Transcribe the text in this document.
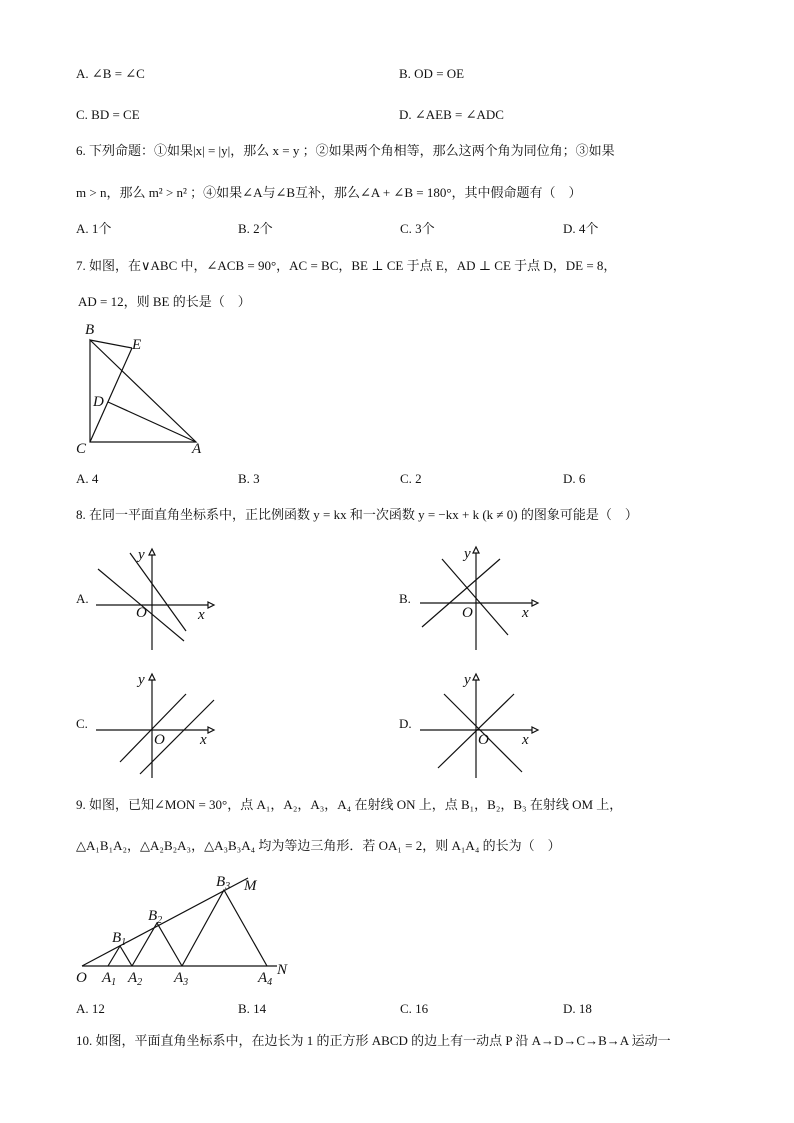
A. ∠B = ∠C	B. OD = OE
C. BD = CE	D. ∠AEB = ∠ADC
6. 下列命题：①如果|x| = |y|，那么 x = y ；②如果两个角相等，那么这两个角为同位角；③如果
m > n，那么 m² > n² ；④如果∠A与∠B互补，那么∠A + ∠B = 180°，其中假命题有（　）
A. 1个	B. 2个	C. 3个	D. 4个
7. 如图，在∨ABC 中，∠ACB = 90°，AC = BC，BE ⊥ CE 于点 E，AD ⊥ CE 于点 D，DE = 8，
AD = 12，则 BE 的长是（　）
B
E
D
C	A
A. 4	B. 3	C. 2	D. 6
8. 在同一平面直角坐标系中，正比例函数 y = kx 和一次函数 y = −kx + k (k ≠ 0) 的图象可能是（　）
A.
y
x
O
B.
y
x
O
C.
y
x
O
D.
y
x
O
9. 如图，已知∠MON = 30°，点 A₁，A₂，A₃，A₄ 在射线 ON 上，点 B₁，B₂，B₃ 在射线 OM 上，
△A₁B₁A₂，△A₂B₂A₃，△A₃B₃A₄ 均为等边三角形．若 OA₁ = 2，则 A₁A₄ 的长为（　）
O	N
M
$B_1$
$B_2$
$B_3$
$A_1$ $A_2$ $A_3$	$A_4$
A. 12	B. 14	C. 16	D. 18
10. 如图，平面直角坐标系中，在边长为 1 的正方形 ABCD 的边上有一动点 P 沿 A→D→C→B→A 运动一
